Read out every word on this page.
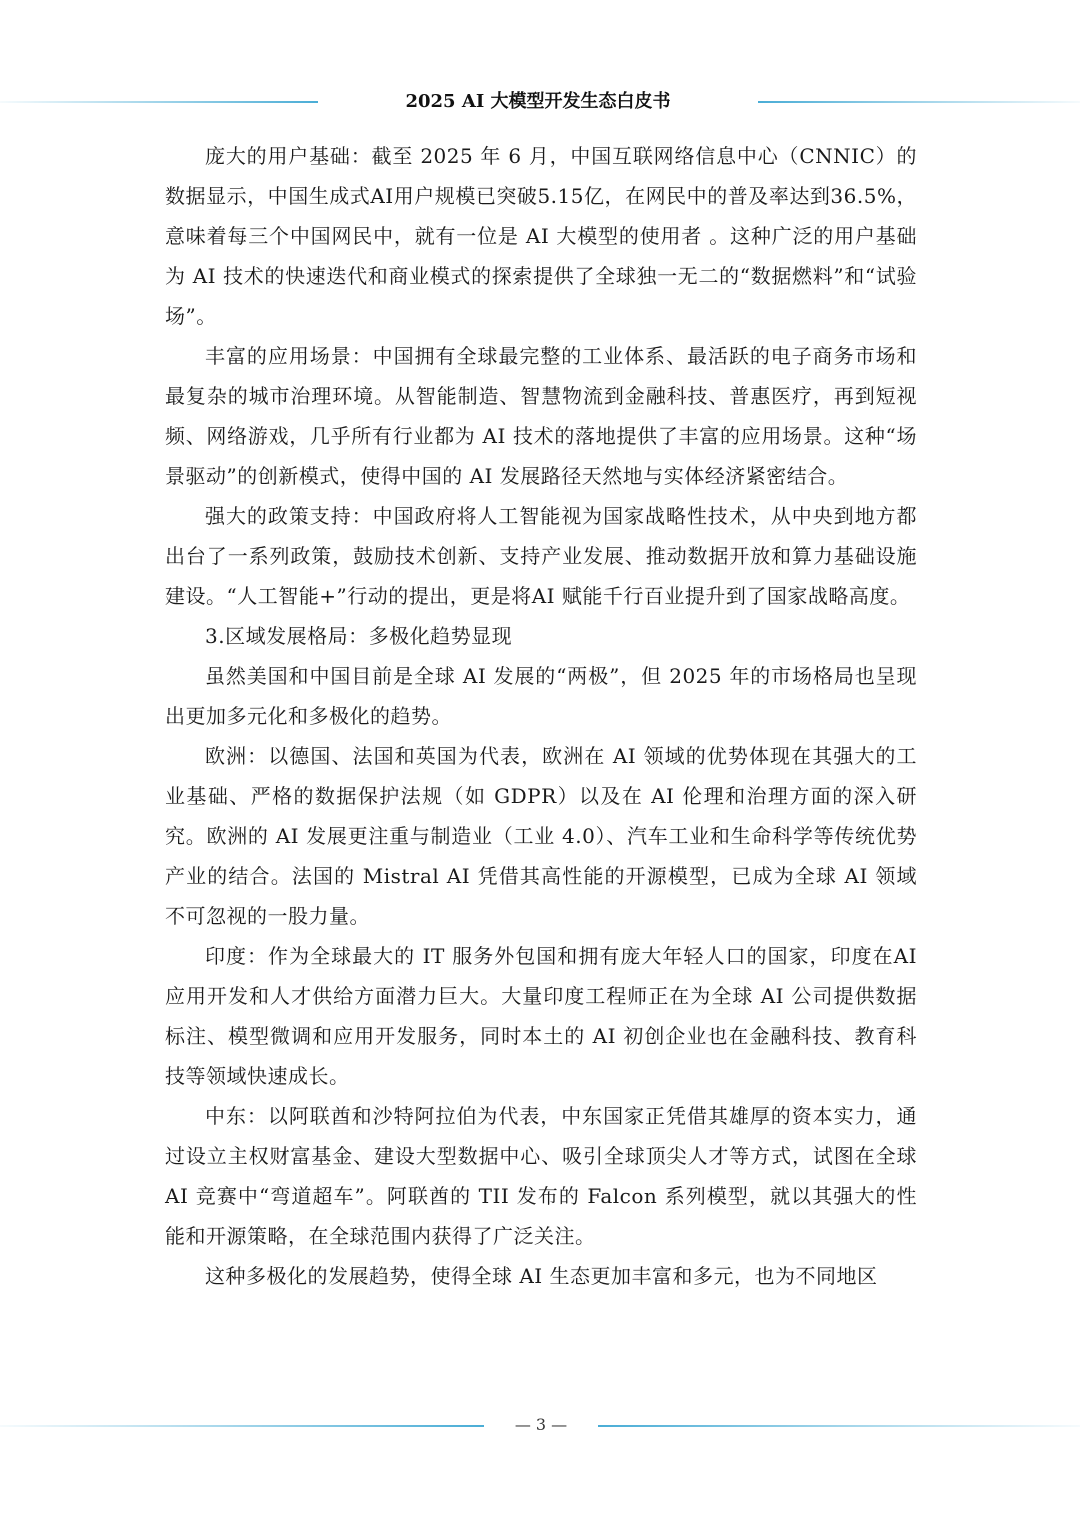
2025 AI 大模型开发生态白皮书

庞大的用户基础：截至 2025 年 6 月，中国互联网络信息中心（CNNIC）的数据显示，中国生成式AI用户规模已突破5.15亿，在网民中的普及率达到36.5%，意味着每三个中国网民中，就有一位是 AI 大模型的使用者 。这种广泛的用户基础为 AI 技术的快速迭代和商业模式的探索提供了全球独一无二的“数据燃料”和“试验场”。

丰富的应用场景：中国拥有全球最完整的工业体系、最活跃的电子商务市场和最复杂的城市治理环境。从智能制造、智慧物流到金融科技、普惠医疗，再到短视频、网络游戏，几乎所有行业都为 AI 技术的落地提供了丰富的应用场景。这种“场景驱动”的创新模式，使得中国的 AI 发展路径天然地与实体经济紧密结合。

强大的政策支持：中国政府将人工智能视为国家战略性技术，从中央到地方都出台了一系列政策，鼓励技术创新、支持产业发展、推动数据开放和算力基础设施建设。“人工智能+”行动的提出，更是将AI 赋能千行百业提升到了国家战略高度。

3.区域发展格局：多极化趋势显现

虽然美国和中国目前是全球 AI 发展的“两极”，但 2025 年的市场格局也呈现出更加多元化和多极化的趋势。

欧洲：以德国、法国和英国为代表，欧洲在 AI 领域的优势体现在其强大的工业基础、严格的数据保护法规（如 GDPR）以及在 AI 伦理和治理方面的深入研究。欧洲的 AI 发展更注重与制造业（工业 4.0）、汽车工业和生命科学等传统优势产业的结合。法国的 Mistral AI 凭借其高性能的开源模型，已成为全球 AI 领域不可忽视的一股力量。

印度：作为全球最大的 IT 服务外包国和拥有庞大年轻人口的国家，印度在AI 应用开发和人才供给方面潜力巨大。大量印度工程师正在为全球 AI 公司提供数据标注、模型微调和应用开发服务，同时本土的 AI 初创企业也在金融科技、教育科技等领域快速成长。

中东：以阿联酋和沙特阿拉伯为代表，中东国家正凭借其雄厚的资本实力，通过设立主权财富基金、建设大型数据中心、吸引全球顶尖人才等方式，试图在全球 AI 竞赛中“弯道超车”。阿联酋的 TII 发布的 Falcon 系列模型，就以其强大的性能和开源策略，在全球范围内获得了广泛关注。

这种多极化的发展趋势，使得全球 AI 生态更加丰富和多元，也为不同地区

— 3 —
